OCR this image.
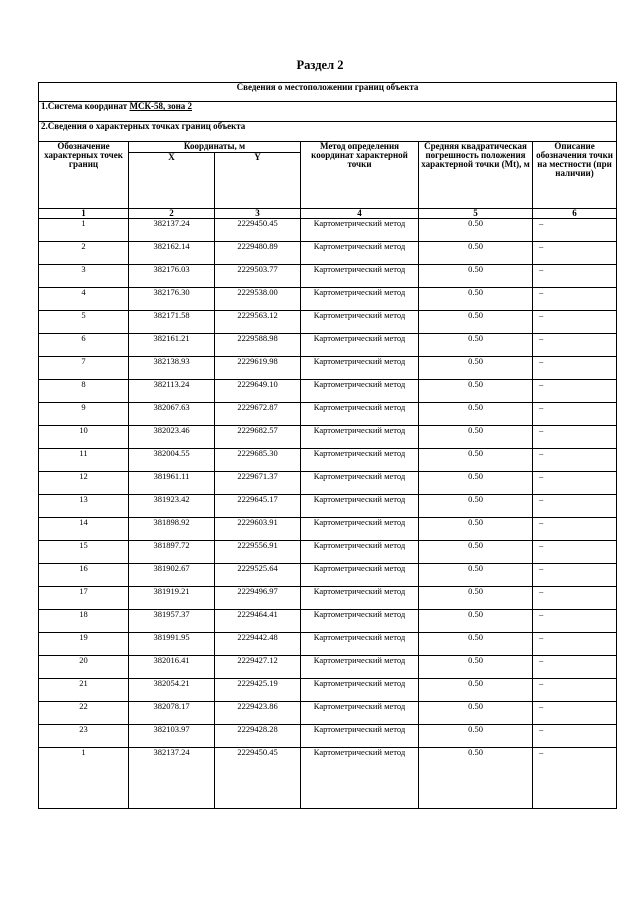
Раздел 2
Сведения о местоположении границ объекта					
1.Система координат МСК-58, зона 2					
2.Сведения о характерных точках границ объекта					
Обозначение характерных точек границ	Координаты, м		Метод определения координат характерной точки	Средняя квадратическая погрешность положения характерной точки (Mt), м	Описание обозначения точки на местности (при наличии)
	X	Y			
1	2	3	4	5	6
1	382137.24	2229450.45	Картометрический метод	0.50	–
2	382162.14	2229480.89	Картометрический метод	0.50	–
3	382176.03	2229503.77	Картометрический метод	0.50	–
4	382176.30	2229538.00	Картометрический метод	0.50	–
5	382171.58	2229563.12	Картометрический метод	0.50	–
6	382161.21	2229588.98	Картометрический метод	0.50	–
7	382138.93	2229619.98	Картометрический метод	0.50	–
8	382113.24	2229649.10	Картометрический метод	0.50	–
9	382067.63	2229672.87	Картометрический метод	0.50	–
10	382023.46	2229682.57	Картометрический метод	0.50	–
11	382004.55	2229685.30	Картометрический метод	0.50	–
12	381961.11	2229671.37	Картометрический метод	0.50	–
13	381923.42	2229645.17	Картометрический метод	0.50	–
14	381898.92	2229603.91	Картометрический метод	0.50	–
15	381897.72	2229556.91	Картометрический метод	0.50	–
16	381902.67	2229525.64	Картометрический метод	0.50	–
17	381919.21	2229496.97	Картометрический метод	0.50	–
18	381957.37	2229464.41	Картометрический метод	0.50	–
19	381991.95	2229442.48	Картометрический метод	0.50	–
20	382016.41	2229427.12	Картометрический метод	0.50	–
21	382054.21	2229425.19	Картометрический метод	0.50	–
22	382078.17	2229423.86	Картометрический метод	0.50	–
23	382103.97	2229428.28	Картометрический метод	0.50	–
1	382137.24	2229450.45	Картометрический метод	0.50	–
